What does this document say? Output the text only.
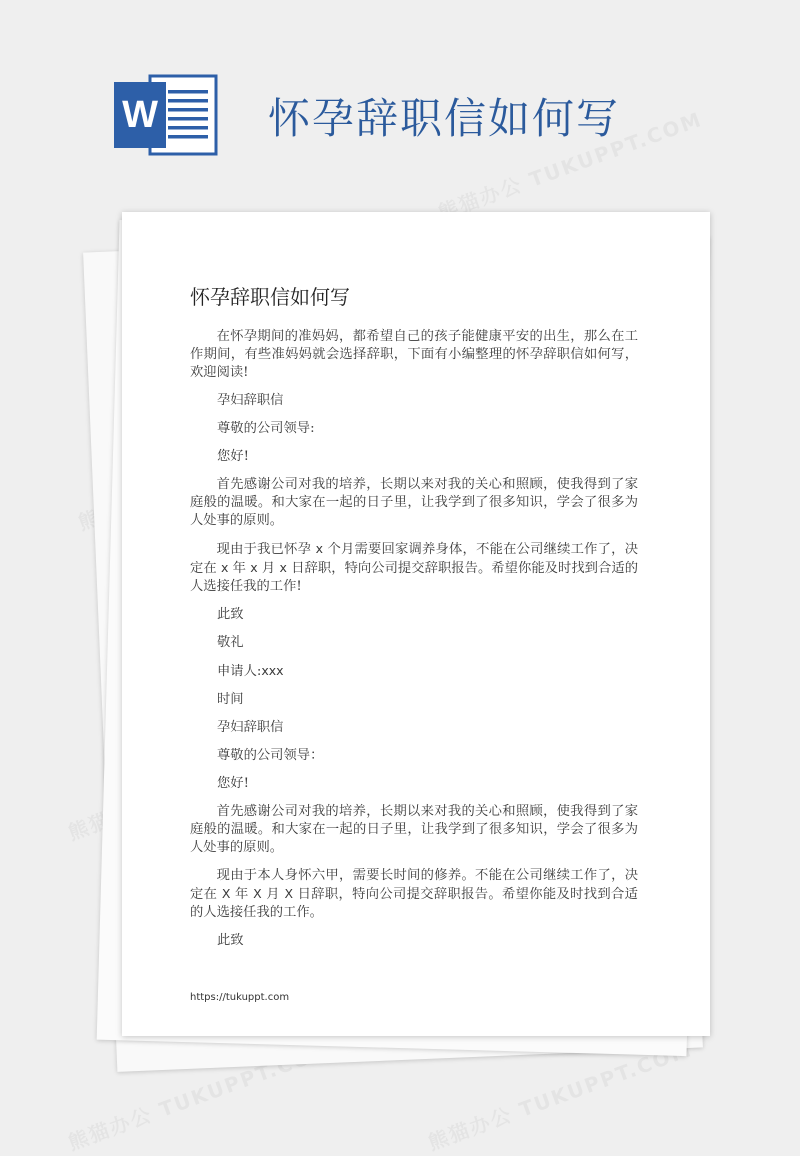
W	怀孕辞职信如何写
怀孕辞职信如何写

在怀孕期间的准妈妈，都希望自己的孩子能健康平安的出生，那么在工作期间，有些准妈妈就会选择辞职，下面有小编整理的怀孕辞职信如何写，欢迎阅读!

孕妇辞职信

尊敬的公司领导:

您好!

首先感谢公司对我的培养，长期以来对我的关心和照顾，使我得到了家庭般的温暖。和大家在一起的日子里，让我学到了很多知识，学会了很多为人处事的原则。

现由于我已怀孕 x 个月需要回家调养身体，不能在公司继续工作了，决定在 x 年 x 月 x 日辞职，特向公司提交辞职报告。希望你能及时找到合适的人选接任我的工作!

此致

敬礼

申请人:xxx

时间

孕妇辞职信

尊敬的公司领导：

您好!

首先感谢公司对我的培养，长期以来对我的关心和照顾，使我得到了家庭般的温暖。和大家在一起的日子里，让我学到了很多知识，学会了很多为人处事的原则。

现由于本人身怀六甲，需要长时间的修养。不能在公司继续工作了，决定在 X 年 X 月 X 日辞职，特向公司提交辞职报告。希望你能及时找到合适的人选接任我的工作。

此致

https://tukuppt.com
